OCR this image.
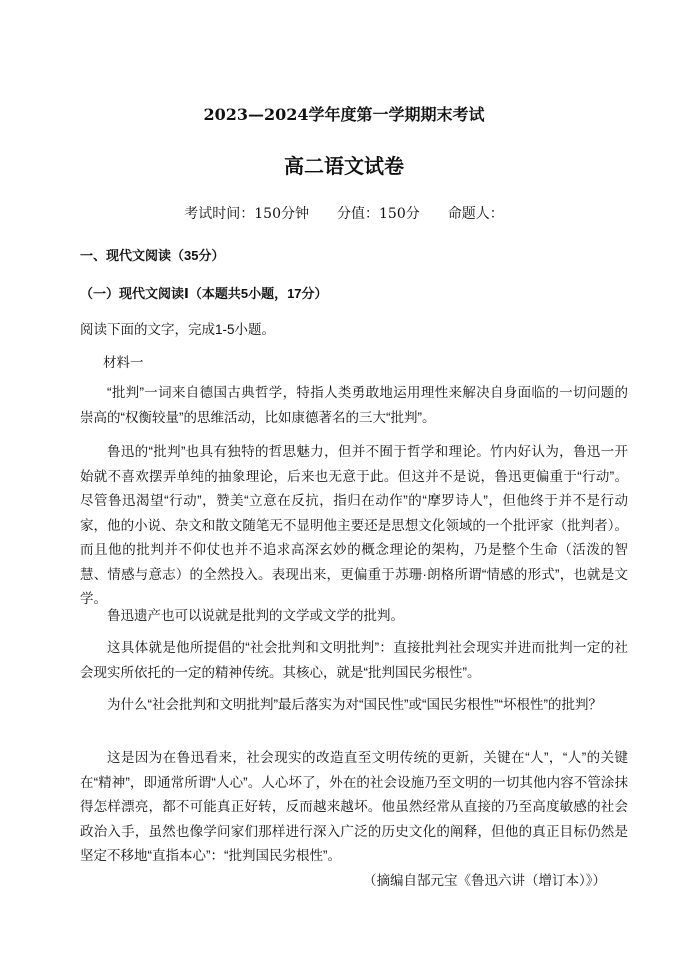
2023—2024学年度第一学期期末考试
高二语文试卷
考试时间：150分钟 分值：150分 命题人：
一、现代文阅读（35分）
（一）现代文阅读Ⅰ（本题共5小题，17分）
阅读下面的文字，完成1-5小题。
材料一

“批判”一词来自德国古典哲学，特指人类勇敢地运用理性来解决自身面临的一切问题的崇高的“权衡较量”的思维活动，比如康德著名的三大“批判”。

鲁迅的“批判”也具有独特的哲思魅力，但并不囿于哲学和理论。竹内好认为，鲁迅一开始就不喜欢摆弄单纯的抽象理论，后来也无意于此。但这并不是说，鲁迅更偏重于“行动”。尽管鲁迅渴望“行动”，赞美“立意在反抗，指归在动作”的“摩罗诗人”，但他终于并不是行动家，他的小说、杂文和散文随笔无不显明他主要还是思想文化领域的一个批评家（批判者）。而且他的批判并不仰仗也并不追求高深玄妙的概念理论的架构，乃是整个生命（活泼的智慧、情感与意志）的全然投入。表现出来，更偏重于苏珊·朗格所谓“情感的形式”，也就是文学。

鲁迅遗产也可以说就是批判的文学或文学的批判。

这具体就是他所提倡的“社会批判和文明批判”：直接批判社会现实并进而批判一定的社会现实所依托的一定的精神传统。其核心，就是“批判国民劣根性”。

为什么“社会批判和文明批判”最后落实为对“国民性”或“国民劣根性”“坏根性”的批判？

这是因为在鲁迅看来，社会现实的改造直至文明传统的更新，关键在“人”，“人”的关键在“精神”，即通常所谓“人心”。人心坏了，外在的社会设施乃至文明的一切其他内容不管涂抹得怎样漂亮，都不可能真正好转，反而越来越坏。他虽然经常从直接的乃至高度敏感的社会政治入手，虽然也像学问家们那样进行深入广泛的历史文化的阐释，但他的真正目标仍然是坚定不移地“直指本心”：“批判国民劣根性”。

（摘编自郜元宝《鲁迅六讲（增订本）》）
